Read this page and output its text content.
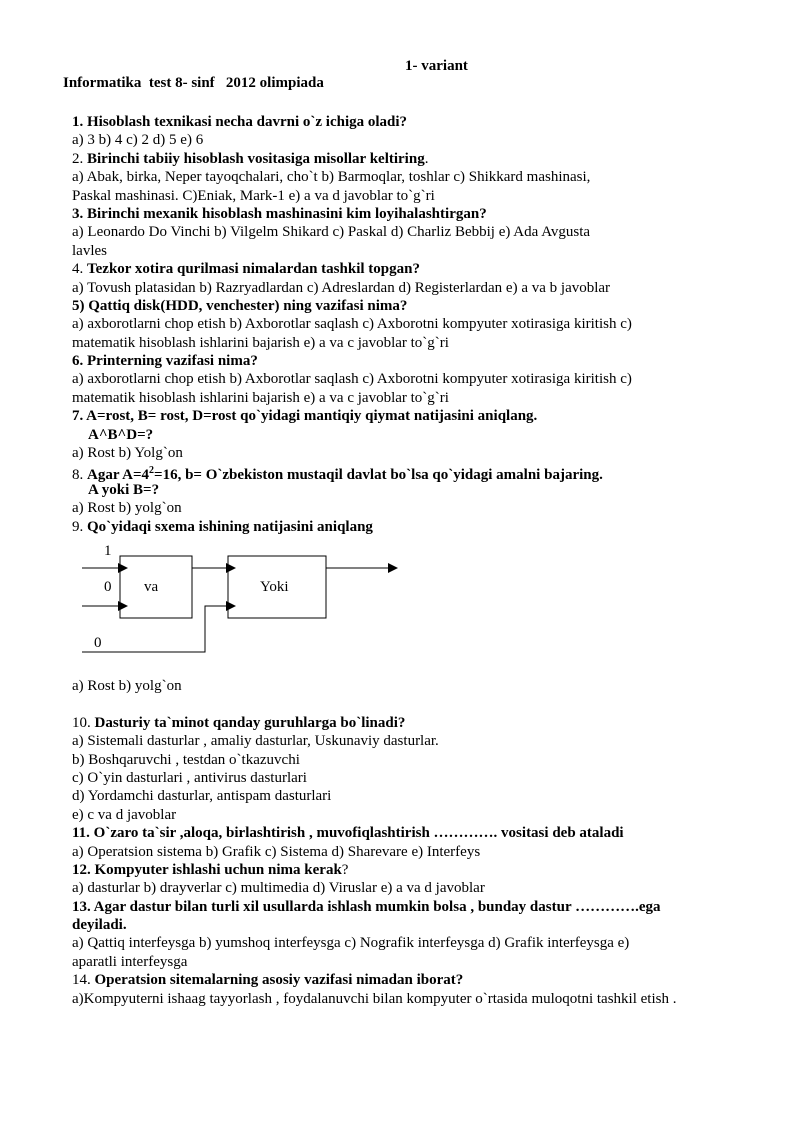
Informatika  test 8- sinf   2012 olimpiada

1- variant

1. Hisoblash texnikasi necha davrni o`z ichiga oladi?
a) 3 b) 4 c) 2 d) 5 e) 6
2. Birinchi tabiiy hisoblash vositasiga misollar keltiring.
a) Abak, birka, Neper tayoqchalari, cho`t b) Barmoqlar, toshlar c) Shikkard mashinasi,
Paskal mashinasi. C)Eniak, Mark-1 e) a va d javoblar to`g`ri
3. Birinchi mexanik hisoblash mashinasini kim loyihalashtirgan?
a) Leonardo Do Vinchi b) Vilgelm Shikard c) Paskal d) Charliz Bebbij e) Ada Avgusta
lavles
4. Tezkor xotira qurilmasi nimalardan tashkil topgan?
a) Tovush platasidan b) Razryadlardan c) Adreslardan d) Registerlardan e) a va b javoblar
5) Qattiq disk(HDD, venchester) ning vazifasi nima?
a) axborotlarni chop etish b) Axborotlar saqlash c) Axborotni kompyuter xotirasiga kiritish c)
matematik hisoblash ishlarini bajarish e) a va c javoblar to`g`ri
6. Printerning vazifasi nima?
a) axborotlarni chop etish b) Axborotlar saqlash c) Axborotni kompyuter xotirasiga kiritish c)
matematik hisoblash ishlarini bajarish e) a va c javoblar to`g`ri
7. A=rost, B= rost, D=rost qo`yidagi mantiqiy qiymat natijasini aniqlang.
A^B^D=?
a) Rost b) Yolg`on
8. Agar $A=4^2=16$, b= O`zbekiston mustaqil davlat bo`lsa qo`yidagi amalni bajaring.
A yoki B=?
a) Rost b) yolg`on
9. Qo`yidaqi sxema ishining natijasini aniqlang
1
0
0
va	Yoki
a) Rost b) yolg`on
10. Dasturiy ta`minot qanday guruhlarga bo`linadi?
a) Sistemali dasturlar , amaliy dasturlar, Uskunaviy dasturlar.
b) Boshqaruvchi , testdan o`tkazuvchi
c) O`yin dasturlari , antivirus dasturlari
d) Yordamchi dasturlar, antispam dasturlari
e) c va d javoblar
11. O`zaro ta`sir ,aloqa, birlashtirish , muvofiqlashtirish …………. vositasi deb ataladi
a) Operatsion sistema b) Grafik c) Sistema d) Sharevare e) Interfeys
12. Kompyuter ishlashi uchun nima kerak?
a) dasturlar b) drayverlar c) multimedia d) Viruslar e) a va d javoblar
13. Agar dastur bilan turli xil usullarda ishlash mumkin bolsa , bunday dastur ………….ega
deyiladi.
a) Qattiq interfeysga b) yumshoq interfeysga c) Nografik interfeysga d) Grafik interfeysga e)
aparatli interfeysga
14. Operatsion sitemalarning asosiy vazifasi nimadan iborat?
a)Kompyuterni ishaag tayyorlash , foydalanuvchi bilan kompyuter o`rtasida muloqotni tashkil etish .
